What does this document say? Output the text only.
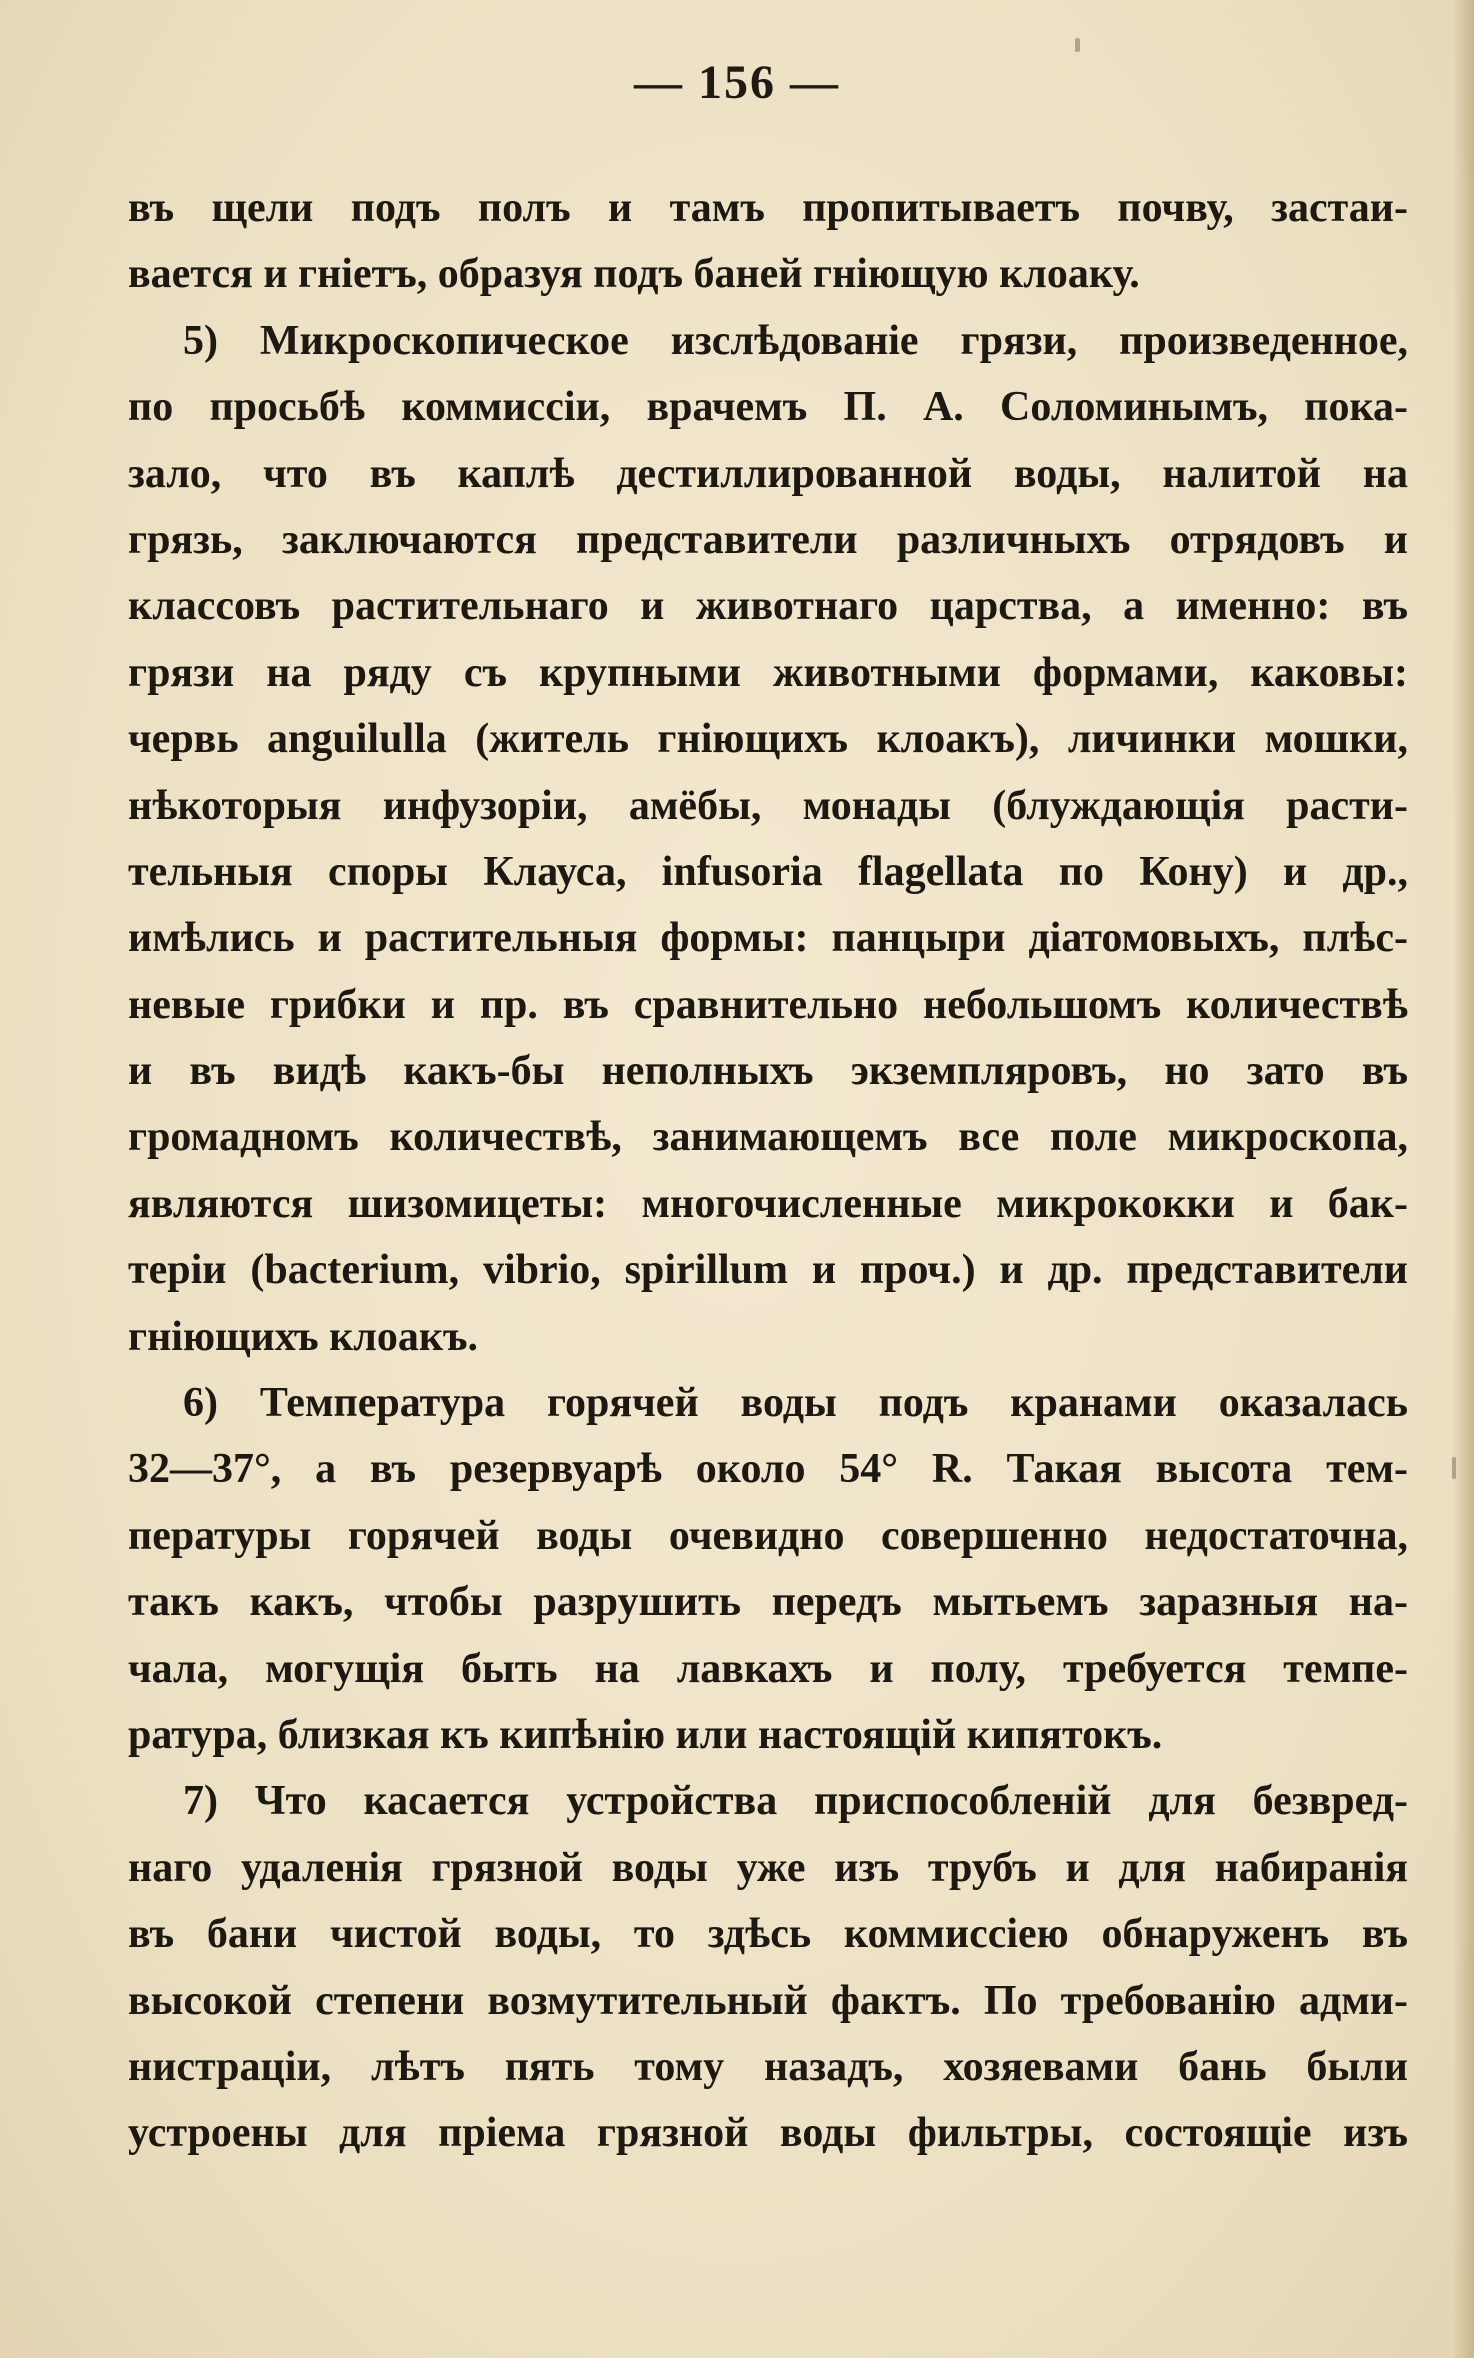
— 156 —
въ щели подъ полъ и тамъ пропитываетъ почву, застаи-
вается и гніетъ, образуя подъ баней гніющую клоаку.
5) Микроскопическое изслѣдованіе грязи, произведенное,
по просьбѣ коммиссіи, врачемъ П. А. Соломинымъ, пока-
зало, что въ каплѣ дестиллированной воды, налитой на
грязь, заключаются представители различныхъ отрядовъ и
классовъ растительнаго и животнаго царства, а именно: въ
грязи на ряду съ крупными животными формами, каковы:
червь anguilulla (житель гніющихъ клоакъ), личинки мошки,
нѣкоторыя инфузоріи, амёбы, монады (блуждающія расти-
тельныя споры Клауса, infusoria flagellata по Кону) и др.,
имѣлись и растительныя формы: панцыри діатомовыхъ, плѣс-
невые грибки и пр. въ сравнительно небольшомъ количествѣ
и въ видѣ какъ-бы неполныхъ экземпляровъ, но зато въ
громадномъ количествѣ, занимающемъ все поле микроскопа,
являются шизомицеты: многочисленные микрококки и бак-
теріи (bacterium, vibrio, spirillum и проч.) и др. представители
гніющихъ клоакъ.
6) Температура горячей воды подъ кранами оказалась
32—37°, а въ резервуарѣ около 54° R. Такая высота тем-
пературы горячей воды очевидно совершенно недостаточна,
такъ какъ, чтобы разрушить передъ мытьемъ заразныя на-
чала, могущія быть на лавкахъ и полу, требуется темпе-
ратура, близкая къ кипѣнію или настоящій кипятокъ.
7) Что касается устройства приспособленій для безвред-
наго удаленія грязной воды уже изъ трубъ и для набиранія
въ бани чистой воды, то здѣсь коммиссіею обнаруженъ въ
высокой степени возмутительный фактъ. По требованію адми-
нистраціи, лѣтъ пять тому назадъ, хозяевами бань были
устроены для пріема грязной воды фильтры, состоящіе изъ
